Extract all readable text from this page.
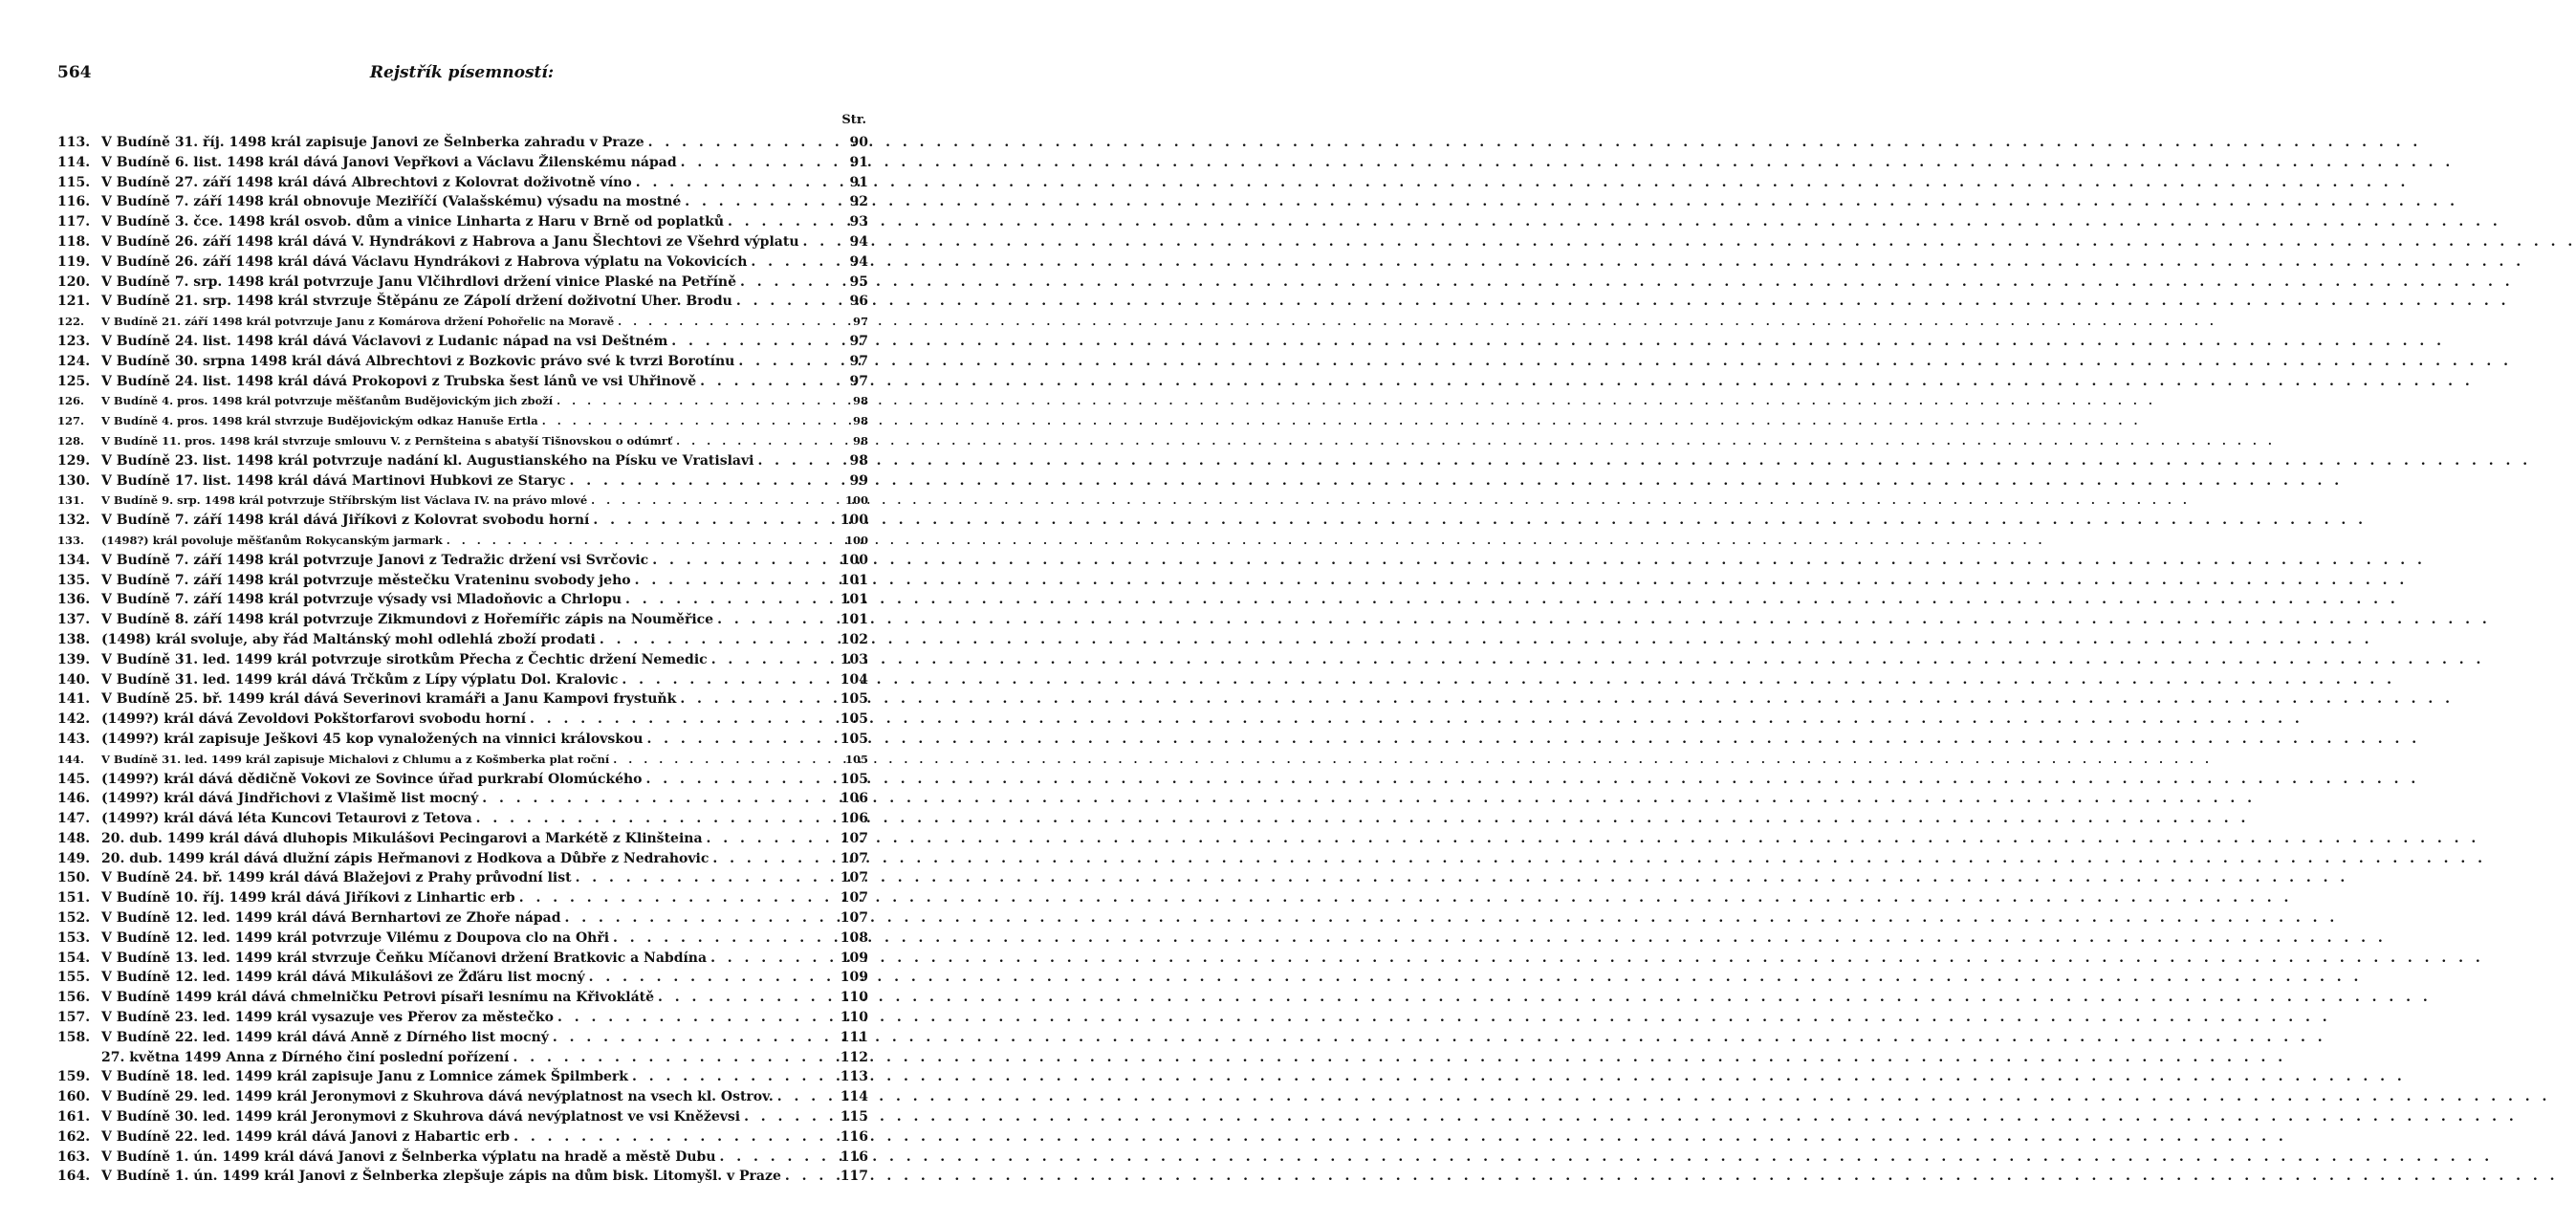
564	Rejstřík písemností:
Str.
113. V Budíně 31. říj. 1498 král zapisuje Janovi ze Šelnberka zahradu v Praze . . .	90
114. V Budíně 6. list. 1498 král dává Janovi Vepřkovi a Václavu Žilenskému nápad . . .	91
115. V Budíně 27. září 1498 král dává Albrechtovi z Kolovrat doživotně víno . . .	91
116. V Budíně 7. září 1498 král obnovuje Meziříčí (Valašskému) výsadu na mostné . . .	92
117. V Budíně 3. čce. 1498 král osvob. dům a vinice Linharta z Haru v Brně od poplatků . . .	93
118. V Budíně 26. září 1498 král dává V. Hyndrákovi z Habrova a Janu Šlechtovi ze Všehrd výplatu . . .	94
119. V Budíně 26. září 1498 král dává Václavu Hyndrákovi z Habrova výplatu na Vokovicích . . .	94
120. V Budíně 7. srp. 1498 král potvrzuje Janu Vlčihrdlovi držení vinice Plaské na Petříně . . .	95
121. V Budíně 21. srp. 1498 král stvrzuje Štěpánu ze Zápolí držení doživotní Uher. Brodu . . .	96
122.	V Budíně 21. září 1498 král potvrzuje Janu z Komárova držení Pohořelic na Moravě . . .	97
123. V Budíně 24. list. 1498 král dává Václavovi z Ludanic nápad na vsi Deštném . . .	97
124. V Budíně 30. srpna 1498 král dává Albrechtovi z Bozkovic právo své k tvrzi Borotínu . . .	97
125. V Budíně 24. list. 1498 král dává Prokopovi z Trubska šest lánů ve vsi Uhřinově . . .	97
126.	V Budíně 4. pros. 1498 král potvrzuje měšťanům Budějovickým jich zboží . . .	98
127.	V Budíně 4. pros. 1498 král stvrzuje Budějovickým odkaz Hanuše Ertla . . .	98
128.	V Budíně 11. pros. 1498 král stvrzuje smlouvu V. z Pernšteina s abatyší Tišnovskou o odúmrť . . .	98
129. V Budíně 23. list. 1498 král potvrzuje nadání kl. Augustianského na Písku ve Vratislavi . . .	98
130. V Budíně 17. list. 1498 král dává Martinovi Hubkovi ze Staryc . . .	99
131.	V Budíně 9. srp. 1498 král potvrzuje Stříbrským list Václava IV. na právo mlové . . .	100
132. V Budíně 7. září 1498 král dává Jiříkovi z Kolovrat svobodu horní . . .	100
133.	(1498?) král povoluje měšťanům Rokycanským jarmark . . .	100
134. V Budíně 7. září 1498 král potvrzuje Janovi z Tedražic držení vsi Svrčovic . . .	100
135. V Budíně 7. září 1498 král potvrzuje městečku Vrateninu svobody jeho . . .	101
136. V Budíně 7. září 1498 král potvrzuje výsady vsi Mladoňovic a Chrlopu . . .	101
137. V Budíně 8. září 1498 král potvrzuje Zikmundovi z Hořemířic zápis na Nouměřice . . .	101
138. (1498) král svoluje, aby řád Maltánský mohl odlehlá zboží prodati . . .	102
139. V Budíně 31. led. 1499 král potvrzuje sirotkům Přecha z Čechtic držení Nemedic . . .	103
140. V Budíně 31. led. 1499 král dává Trčkům z Lípy výplatu Dol. Kralovic . . .	104
141. V Budíně 25. bř. 1499 král dává Severinovi kramáři a Janu Kampovi frystuňk . . .	105
142. (1499?) král dává Zevoldovi Pokštorfarovi svobodu horní . . .	105
143. (1499?) král zapisuje Ješkovi 45 kop vynaložených na vinnici královskou . . .	105
144.	V Budíně 31. led. 1499 král zapisuje Michalovi z Chlumu a z Košmberka plat roční . . .	105
145. (1499?) král dává dědičně Vokovi ze Sovince úřad purkrabí Olomúckého . . .	105
146. (1499?) král dává Jindřichovi z Vlašimě list mocný . . .	106
147. (1499?) král dává léta Kuncovi Tetaurovi z Tetova . . .	106
148. 20. dub. 1499 král dává dluhopis Mikulášovi Pecingarovi a Markétě z Klinšteina . . .	107
149. 20. dub. 1499 král dává dlužní zápis Heřmanovi z Hodkova a Důbře z Nedrahovic . . .	107
150. V Budíně 24. bř. 1499 král dává Blažejovi z Prahy průvodní list . . .	107
151. V Budíně 10. říj. 1499 král dává Jiříkovi z Linhartic erb . . .	107
152. V Budíně 12. led. 1499 král dává Bernhartovi ze Zhoře nápad . . .	107
153. V Budíně 12. led. 1499 král potvrzuje Vilému z Doupova clo na Ohři . . .	108
154. V Budíně 13. led. 1499 král stvrzuje Čeňku Míčanovi držení Bratkovic a Nabdína . . .	109
155. V Budíně 12. led. 1499 král dává Mikulášovi ze Žďáru list mocný . . .	109
156. V Budíně 1499 král dává chmelničku Petrovi písaři lesnímu na Křivoklátě . . .	110
157. V Budíně 23. led. 1499 král vysazuje ves Přerov za městečko . . .	110
158. V Budíně 22. led. 1499 král dává Anně z Dírného list mocný . . .	111
27. května 1499 Anna z Dírného činí poslední pořízení . . .	112
159. V Budíně 18. led. 1499 král zapisuje Janu z Lomnice zámek Špilmberk . . .	113
160. V Budíně 29. led. 1499 král Jeronymovi z Skuhrova dává nevýplatnost na vsech kl. Ostrov. . . .	114
161. V Budíně 30. led. 1499 král Jeronymovi z Skuhrova dává nevýplatnost ve vsi Kněževsi . . .	115
162. V Budíně 22. led. 1499 král dává Janovi z Habartic erb . . .	116
163. V Budíně 1. ún. 1499 král dává Janovi z Šelnberka výplatu na hradě a městě Dubu . . .	116
164. V Budíně 1. ún. 1499 král Janovi z Šelnberka zlepšuje zápis na dům bisk. Litomyšl. v Praze . . .	117
